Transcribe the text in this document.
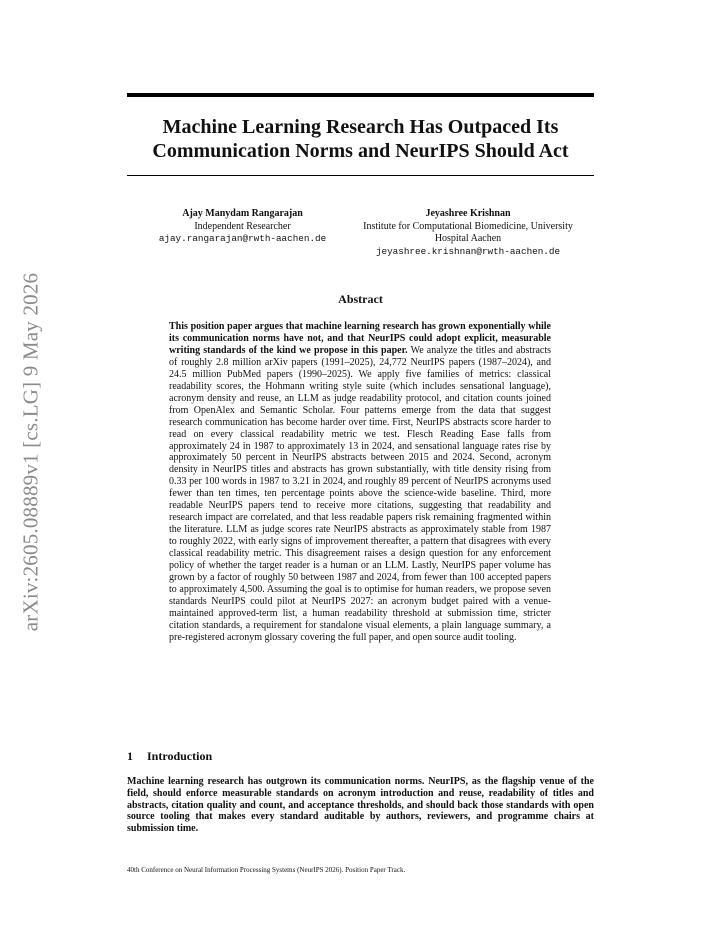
arXiv:2605.08889v1 [cs.LG] 9 May 2026
Machine Learning Research Has Outpaced Its Communication Norms and NeurIPS Should Act
Ajay Manydam Rangarajan
Independent Researcher
ajay.rangarajan@rwth-aachen.de
Jeyashree Krishnan
Institute for Computational Biomedicine, University Hospital Aachen
jeyashree.krishnan@rwth-aachen.de
Abstract

This position paper argues that machine learning research has grown exponentially while its communication norms have not, and that NeurIPS could adopt explicit, measurable writing standards of the kind we propose in this paper. We analyze the titles and abstracts of roughly 2.8 million arXiv papers (1991–2025), 24,772 NeurIPS papers (1987–2024), and 24.5 million PubMed papers (1990–2025). We apply five families of metrics: classical readability scores, the Hohmann writing style suite (which includes sensational language), acronym density and reuse, an LLM as judge readability protocol, and citation counts joined from OpenAlex and Semantic Scholar. Four patterns emerge from the data that suggest research communication has become harder over time. First, NeurIPS abstracts score harder to read on every classical readability metric we test. Flesch Reading Ease falls from approximately 24 in 1987 to approximately 13 in 2024, and sensational language rates rise by approximately 50 percent in NeurIPS abstracts between 2015 and 2024. Second, acronym density in NeurIPS titles and abstracts has grown substantially, with title density rising from 0.33 per 100 words in 1987 to 3.21 in 2024, and roughly 89 percent of NeurIPS acronyms used fewer than ten times, ten percentage points above the science-wide baseline. Third, more readable NeurIPS papers tend to receive more citations, suggesting that readability and research impact are correlated, and that less readable papers risk remaining fragmented within the literature. LLM as judge scores rate NeurIPS abstracts as approximately stable from 1987 to roughly 2022, with early signs of improvement thereafter, a pattern that disagrees with every classical readability metric. This disagreement raises a design question for any enforcement policy of whether the target reader is a human or an LLM. Lastly, NeurIPS paper volume has grown by a factor of roughly 50 between 1987 and 2024, from fewer than 100 accepted papers to approximately 4,500. Assuming the goal is to optimise for human readers, we propose seven standards NeurIPS could pilot at NeurIPS 2027: an acronym budget paired with a venue-maintained approved-term list, a human readability threshold at submission time, stricter citation standards, a requirement for standalone visual elements, a plain language summary, a pre-registered acronym glossary covering the full paper, and open source audit tooling.

1 Introduction

Machine learning research has outgrown its communication norms. NeurIPS, as the flagship venue of the field, should enforce measurable standards on acronym introduction and reuse, readability of titles and abstracts, citation quality and count, and acceptance thresholds, and should back those standards with open source tooling that makes every standard auditable by authors, reviewers, and programme chairs at submission time.

40th Conference on Neural Information Processing Systems (NeurIPS 2026). Position Paper Track.
